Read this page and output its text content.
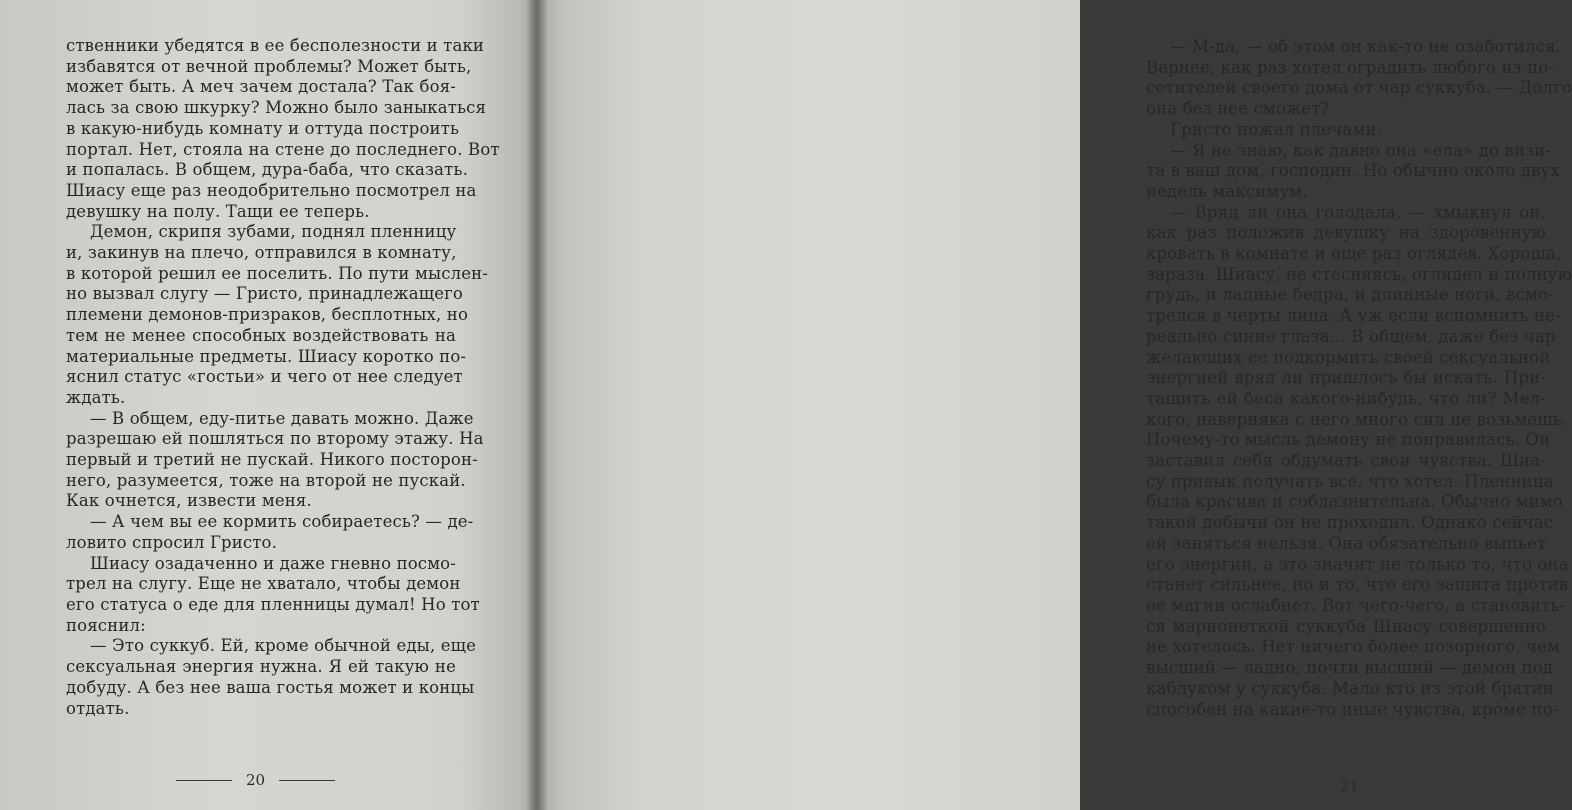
ственники убедятся в ее бесполезности и таки
избавятся от вечной проблемы? Может быть,
может быть. А меч зачем достала? Так боя-
лась за свою шкурку? Можно было заныкаться
в какую-нибудь комнату и оттуда построить
портал. Нет, стояла на стене до последнего. Вот
и попалась. В общем, дура-баба, что сказать.
Шиасу еще раз неодобрительно посмотрел на
девушку на полу. Тащи ее теперь.
Демон, скрипя зубами, поднял пленницу
и, закинув на плечо, отправился в комнату,
в которой решил ее поселить. По пути мыслен-
но вызвал слугу — Гристо, принадлежащего
племени демонов-призраков, бесплотных, но
тем не менее способных воздействовать на
материальные предметы. Шиасу коротко по-
яснил статус «гостьи» и чего от нее следует
ждать.
— В общем, еду-питье давать можно. Даже
разрешаю ей пошляться по второму этажу. На
первый и третий не пускай. Никого посторон-
него, разумеется, тоже на второй не пускай.
Как очнется, извести меня.
— А чем вы ее кормить собираетесь? — де-
ловито спросил Гристо.
Шиасу озадаченно и даже гневно посмо-
трел на слугу. Еще не хватало, чтобы демон
его статуса о еде для пленницы думал! Но тот
пояснил:
— Это суккуб. Ей, кроме обычной еды, еще
сексуальная энергия нужна. Я ей такую не
добуду. А без нее ваша гостья может и концы
отдать.
20
— М-да, — об этом он как-то не озаботился.
Вернее, как раз хотел оградить любого из по-
сетителей своего дома от чар суккуба. — Долго
она без нее сможет?
Гристо пожал плечами.
— Я не знаю, как давно она «ела» до визи-
та в ваш дом, господин. Но обычно около двух
недель максимум.
— Вряд ли она голодала, — хмыкнул он,
как раз положив девушку на здоровенную
кровать в комнате и еще раз оглядев. Хороша,
зараза. Шиасу, не стесняясь, оглядел и полную
грудь, и ладные бедра, и длинные ноги, всмо-
трелся в черты лица. А уж если вспомнить не-
реально синие глаза... В общем, даже без чар
желающих ее подкормить своей сексуальной
энергией вряд ли пришлось бы искать. При-
тащить ей беса какого-нибудь, что ли? Мел-
кого, наверняка с него много сил не возьмешь.
Почему-то мысль демону не понравилась. Он
заставил себя обдумать свои чувства. Шиа-
су привык получать все, что хотел. Пленница
была красива и соблазнительна. Обычно мимо
такой добычи он не проходил. Однако сейчас
ей заняться нельзя. Она обязательно выпьет
его энергии, а это значит не только то, что она
станет сильнее, но и то, что его защита против
ее магии ослабнет. Вот чего-чего, а становить-
ся марионеткой суккуба Шиасу совершенно
не хотелось. Нет ничего более позорного, чем
высший — ладно, почти высший — демон под
каблуком у суккуба. Мало кто из этой братии
способен на какие-то иные чувства, кроме по-
21
